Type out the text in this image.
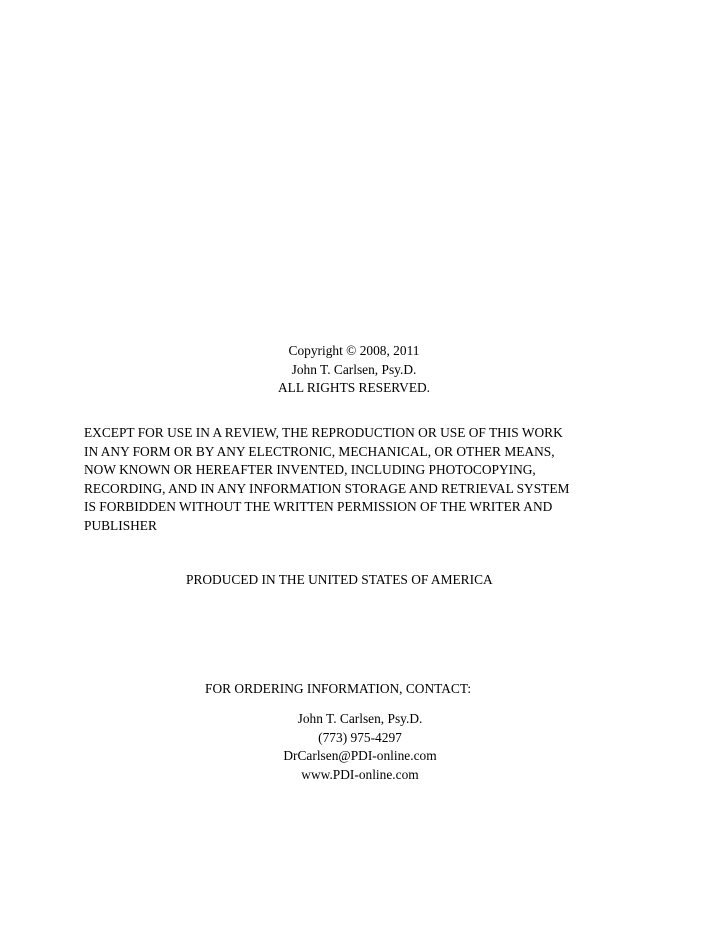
Copyright © 2008, 2011
John T. Carlsen, Psy.D.
ALL RIGHTS RESERVED.
EXCEPT FOR USE IN A REVIEW, THE REPRODUCTION OR USE OF THIS WORK
IN ANY FORM OR BY ANY ELECTRONIC, MECHANICAL, OR OTHER MEANS,
NOW KNOWN OR HEREAFTER INVENTED, INCLUDING PHOTOCOPYING,
RECORDING, AND IN ANY INFORMATION STORAGE AND RETRIEVAL SYSTEM
IS FORBIDDEN WITHOUT THE WRITTEN PERMISSION OF THE WRITER AND
PUBLISHER
PRODUCED IN THE UNITED STATES OF AMERICA
FOR ORDERING INFORMATION, CONTACT:
John T. Carlsen, Psy.D.
(773) 975-4297
DrCarlsen@PDI-online.com
www.PDI-online.com
